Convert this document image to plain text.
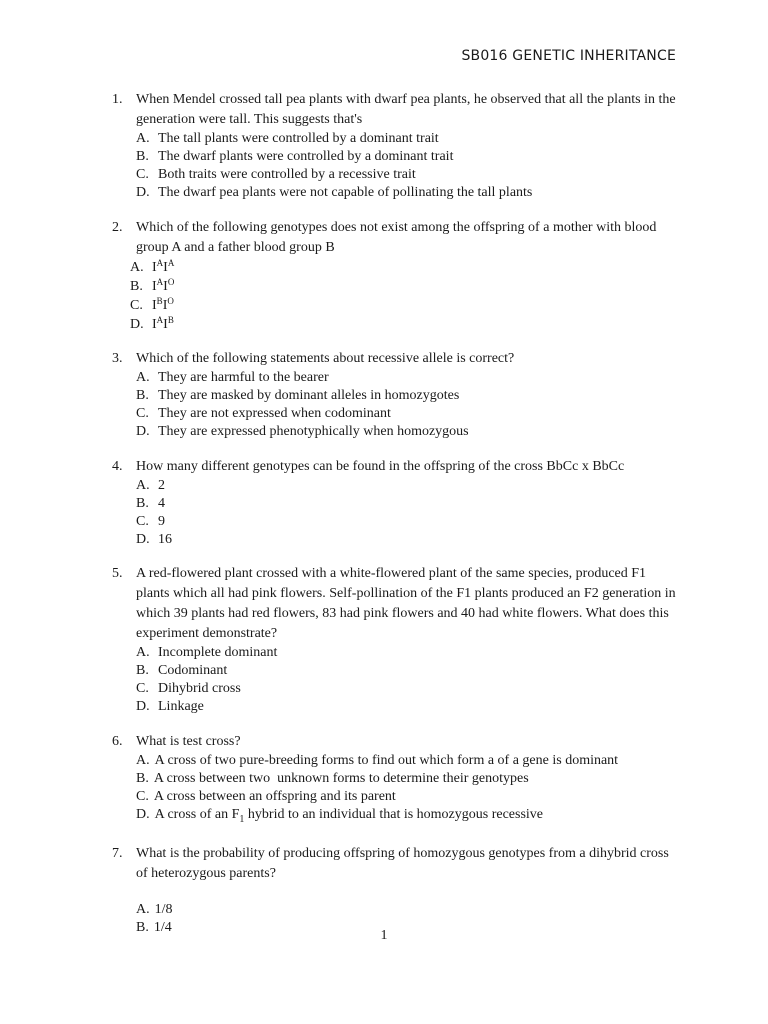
SB016 GENETIC INHERITANCE
1. When Mendel crossed tall pea plants with dwarf pea plants, he observed that all the plants in the generation were tall. This suggests that's
A. The tall plants were controlled by a dominant trait
B. The dwarf plants were controlled by a dominant trait
C. Both traits were controlled by a recessive trait
D. The dwarf pea plants were not capable of pollinating the tall plants
2. Which of the following genotypes does not exist among the offspring of a mother with blood group A and a father blood group B
A. $I^AI^A$
B. $I^AI^O$
C. $I^BI^O$
D. $I^AI^B$
3. Which of the following statements about recessive allele is correct?
A. They are harmful to the bearer
B. They are masked by dominant alleles in homozygotes
C. They are not expressed when codominant
D. They are expressed phenotyphically when homozygous
4. How many different genotypes can be found in the offspring of the cross BbCc x BbCc
A. 2
B. 4
C. 9
D. 16
5. A red-flowered plant crossed with a white-flowered plant of the same species, produced F1 plants which all had pink flowers. Self-pollination of the F1 plants produced an F2 generation in which 39 plants had red flowers, 83 had pink flowers and 40 had white flowers. What does this experiment demonstrate?
A. Incomplete dominant
B. Codominant
C. Dihybrid cross
D. Linkage
6. What is test cross?
A. A cross of two pure-breeding forms to find out which form a of a gene is dominant
B. A cross between two  unknown forms to determine their genotypes
C. A cross between an offspring and its parent
D. A cross of an $F_1$ hybrid to an individual that is homozygous recessive
7. What is the probability of producing offspring of homozygous genotypes from a dihybrid cross of heterozygous parents?
A. 1/8
B. 1/4
1
